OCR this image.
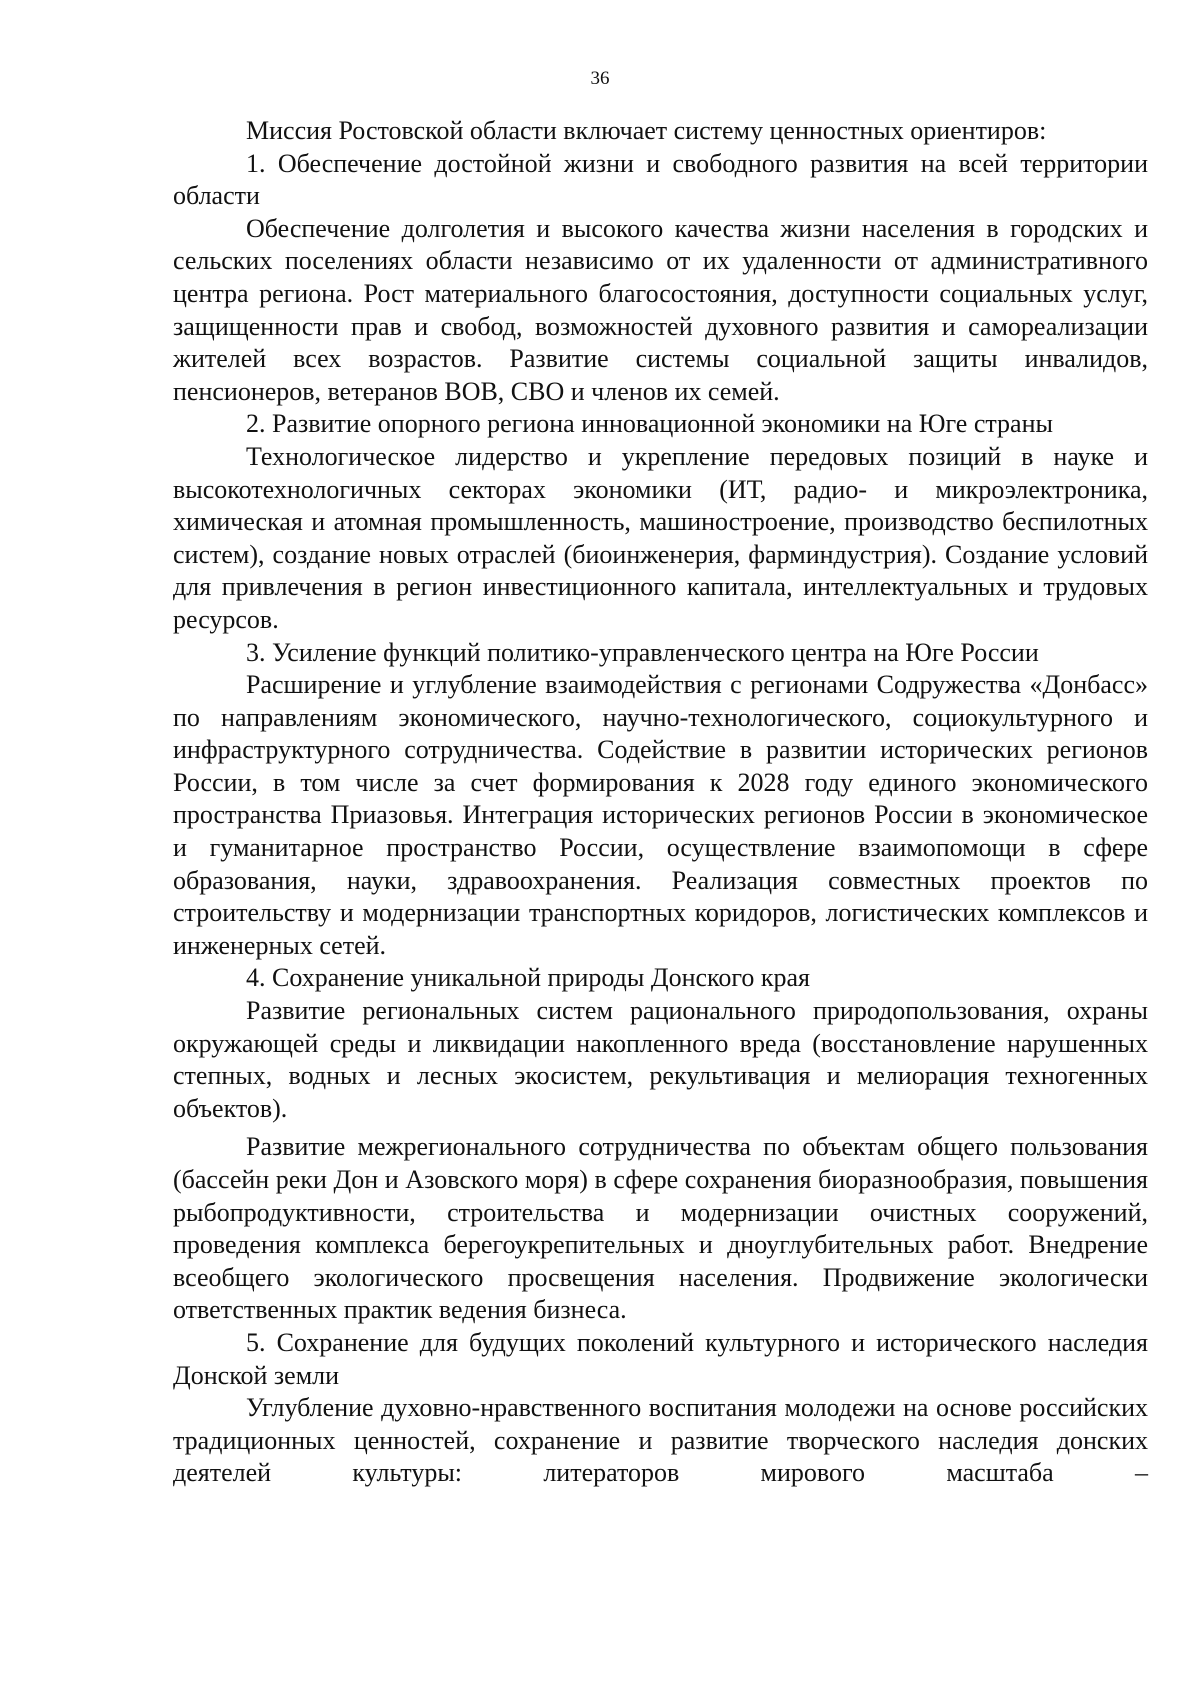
36

Миссия Ростовской области включает систему ценностных ориентиров:

1. Обеспечение достойной жизни и свободного развития на всей территории области

Обеспечение долголетия и высокого качества жизни населения в городских и сельских поселениях области независимо от их удаленности от административного центра региона. Рост материального благосостояния, доступности социальных услуг, защищенности прав и свобод, возможностей духовного развития и самореализации жителей всех возрастов. Развитие системы социальной защиты инвалидов, пенсионеров, ветеранов ВОВ, СВО и членов их семей.

2. Развитие опорного региона инновационной экономики на Юге страны

Технологическое лидерство и укрепление передовых позиций в науке и высокотехнологичных секторах экономики (ИТ, радио- и микроэлектроника, химическая и атомная промышленность, машиностроение, производство беспилотных систем), создание новых отраслей (биоинженерия, фарминдустрия). Создание условий для привлечения в регион инвестиционного капитала, интеллектуальных и трудовых ресурсов.

3. Усиление функций политико-управленческого центра на Юге России

Расширение и углубление взаимодействия с регионами Содружества «Донбасс» по направлениям экономического, научно-технологического, социокультурного и инфраструктурного сотрудничества. Содействие в развитии исторических регионов России, в том числе за счет формирования к 2028 году единого экономического пространства Приазовья. Интеграция исторических регионов России в экономическое и гуманитарное пространство России, осуществление взаимопомощи в сфере образования, науки, здравоохранения. Реализация совместных проектов по строительству и модернизации транспортных коридоров, логистических комплексов и инженерных сетей.

4. Сохранение уникальной природы Донского края

Развитие региональных систем рационального природопользования, охраны окружающей среды и ликвидации накопленного вреда (восстановление нарушенных степных, водных и лесных экосистем, рекультивация и мелиорация техногенных объектов).

Развитие межрегионального сотрудничества по объектам общего пользования (бассейн реки Дон и Азовского моря) в сфере сохранения биоразнообразия, повышения рыбопродуктивности, строительства и модернизации очистных сооружений, проведения комплекса берегоукрепительных и дноуглубительных работ. Внедрение всеобщего экологического просвещения населения. Продвижение экологически ответственных практик ведения бизнеса.

5. Сохранение для будущих поколений культурного и исторического наследия Донской земли

Углубление духовно-нравственного воспитания молодежи на основе российских традиционных ценностей, сохранение и развитие творческого наследия донских деятелей культуры: литераторов мирового масштаба –
